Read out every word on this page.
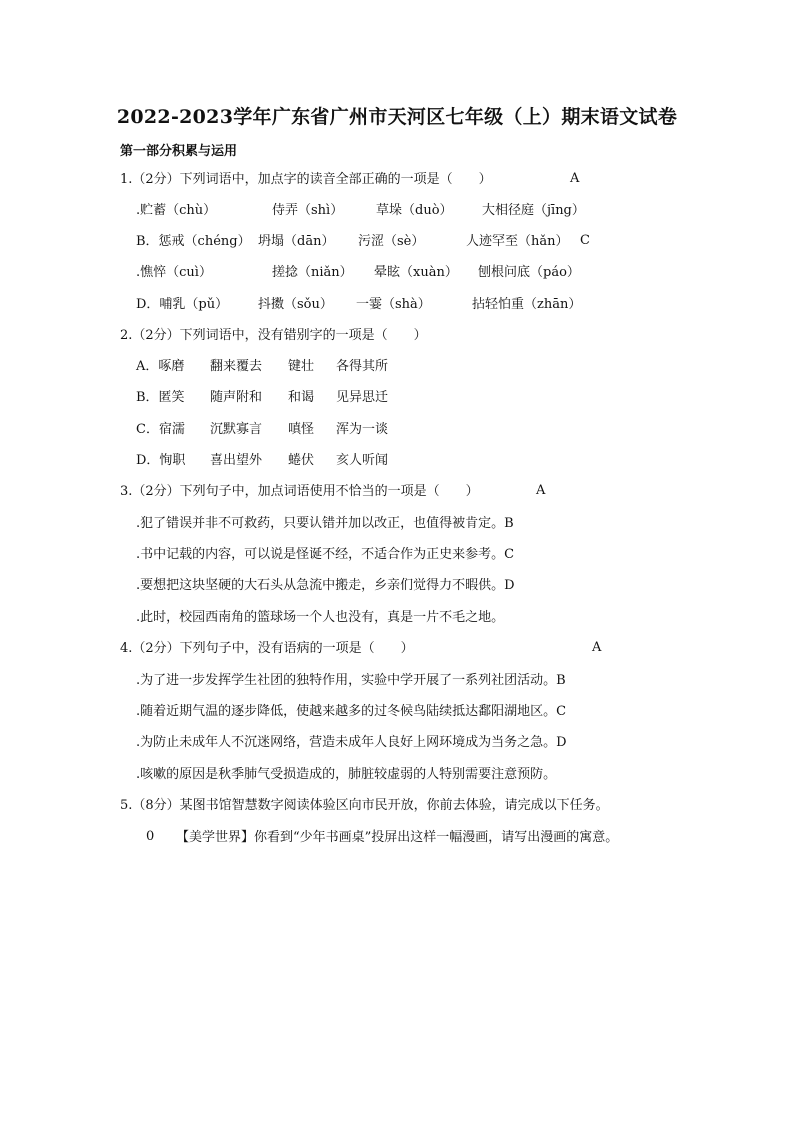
2022-2023学年广东省广州市天河区七年级（上）期末语文试卷
第一部分积累与运用
1.（2分）下列词语中，加点字的读音全部正确的一项是（　　）	A
.贮蓄（chù）	侍弄（shì）	草垛（duò） 大相径庭（jīng）
B．惩戒（chéng） 坍塌（dān） 污涩（sè）	人迹罕至（hǎn） C
.憔悴（cuì）	搓捻（niǎn） 晕眩（xuàn） 刨根问底（páo）
D．哺乳（pǔ） 抖擞（sǒu） 一霎（shà）	拈轻怕重（zhān）
2.（2分）下列词语中，没有错别字的一项是（　　）
A．啄磨 翻来覆去 键壮 各得其所
B．匿笑 随声附和 和谒 见异思迁
C．宿濡 沉默寡言 嗔怪 浑为一谈
D．恂职 喜出望外 蜷伏 亥人听闻
3.（2分）下列句子中，加点词语使用不恰当的一项是（　　）	A
.犯了错误并非不可救药，只要认错并加以改正，也值得被肯定。B
.书中记载的内容，可以说是怪诞不经，不适合作为正史来参考。C
.要想把这块坚硬的大石头从急流中搬走，乡亲们觉得力不暇供。D
.此时，校园西南角的篮球场一个人也没有，真是一片不毛之地。
4.（2分）下列句子中，没有语病的一项是（　　）	A
.为了进一步发挥学生社团的独特作用，实验中学开展了一系列社团活动。B
.随着近期气温的逐步降低，使越来越多的过冬候鸟陆续抵达鄱阳湖地区。C
.为防止未成年人不沉迷网络，营造未成年人良好上网环境成为当务之急。D
.咳嗽的原因是秋季肺气受损造成的，肺脏较虚弱的人特别需要注意预防。
5.（8分）某图书馆智慧数字阅读体验区向市民开放，你前去体验，请完成以下任务。
0 【美学世界】你看到“少年书画桌”投屏出这样一幅漫画，请写出漫画的寓意。
